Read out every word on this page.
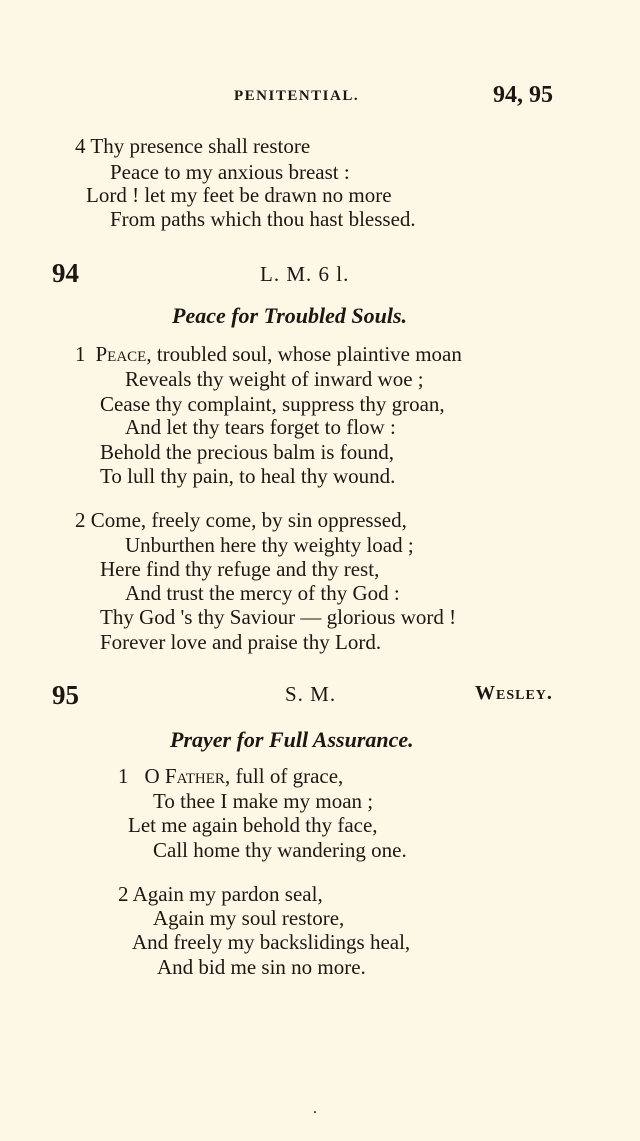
PENITENTIAL.	94, 95
4 Thy presence shall restore
Peace to my anxious breast :
Lord ! let my feet be drawn no more
From paths which thou hast blessed.
94	L. M. 6 l.
Peace for Troubled Souls.
1 Peace, troubled soul, whose plaintive moan
Reveals thy weight of inward woe ;
Cease thy complaint, suppress thy groan,
And let thy tears forget to flow :
Behold the precious balm is found,
To lull thy pain, to heal thy wound.
2 Come, freely come, by sin oppressed,
Unburthen here thy weighty load ;
Here find thy refuge and thy rest,
And trust the mercy of thy God :
Thy God 's thy Saviour — glorious word !
Forever love and praise thy Lord.
95	S. M.	Wesley.
Prayer for Full Assurance.
1 O Father, full of grace,
To thee I make my moan ;
Let me again behold thy face,
Call home thy wandering one.
2 Again my pardon seal,
Again my soul restore,
And freely my backslidings heal,
And bid me sin no more.
.
